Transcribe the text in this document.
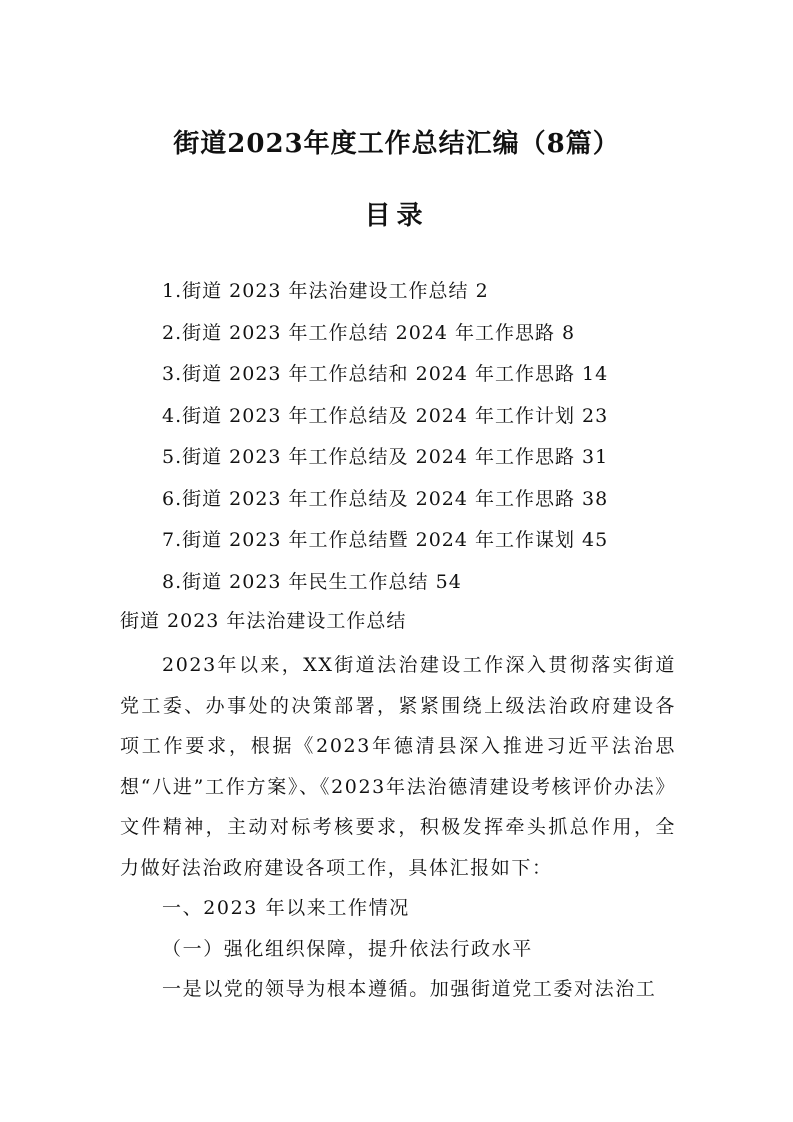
街道2023年度工作总结汇编（8篇）
目录
1.街道 2023 年法治建设工作总结 2
2.街道 2023 年工作总结 2024 年工作思路 8
3.街道 2023 年工作总结和 2024 年工作思路 14
4.街道 2023 年工作总结及 2024 年工作计划 23
5.街道 2023 年工作总结及 2024 年工作思路 31
6.街道 2023 年工作总结及 2024 年工作思路 38
7.街道 2023 年工作总结暨 2024 年工作谋划 45
8.街道 2023 年民生工作总结 54
街道 2023 年法治建设工作总结

2023年以来，XX街道法治建设工作深入贯彻落实街道党工委、办事处的决策部署，紧紧围绕上级法治政府建设各项工作要求，根据《2023年德清县深入推进习近平法治思想“八进”工作方案》、《2023年法治德清建设考核评价办法》文件精神，主动对标考核要求，积极发挥牵头抓总作用，全力做好法治政府建设各项工作，具体汇报如下：

一、2023 年以来工作情况
（一）强化组织保障，提升依法行政水平
一是以党的领导为根本遵循。加强街道党工委对法治工
